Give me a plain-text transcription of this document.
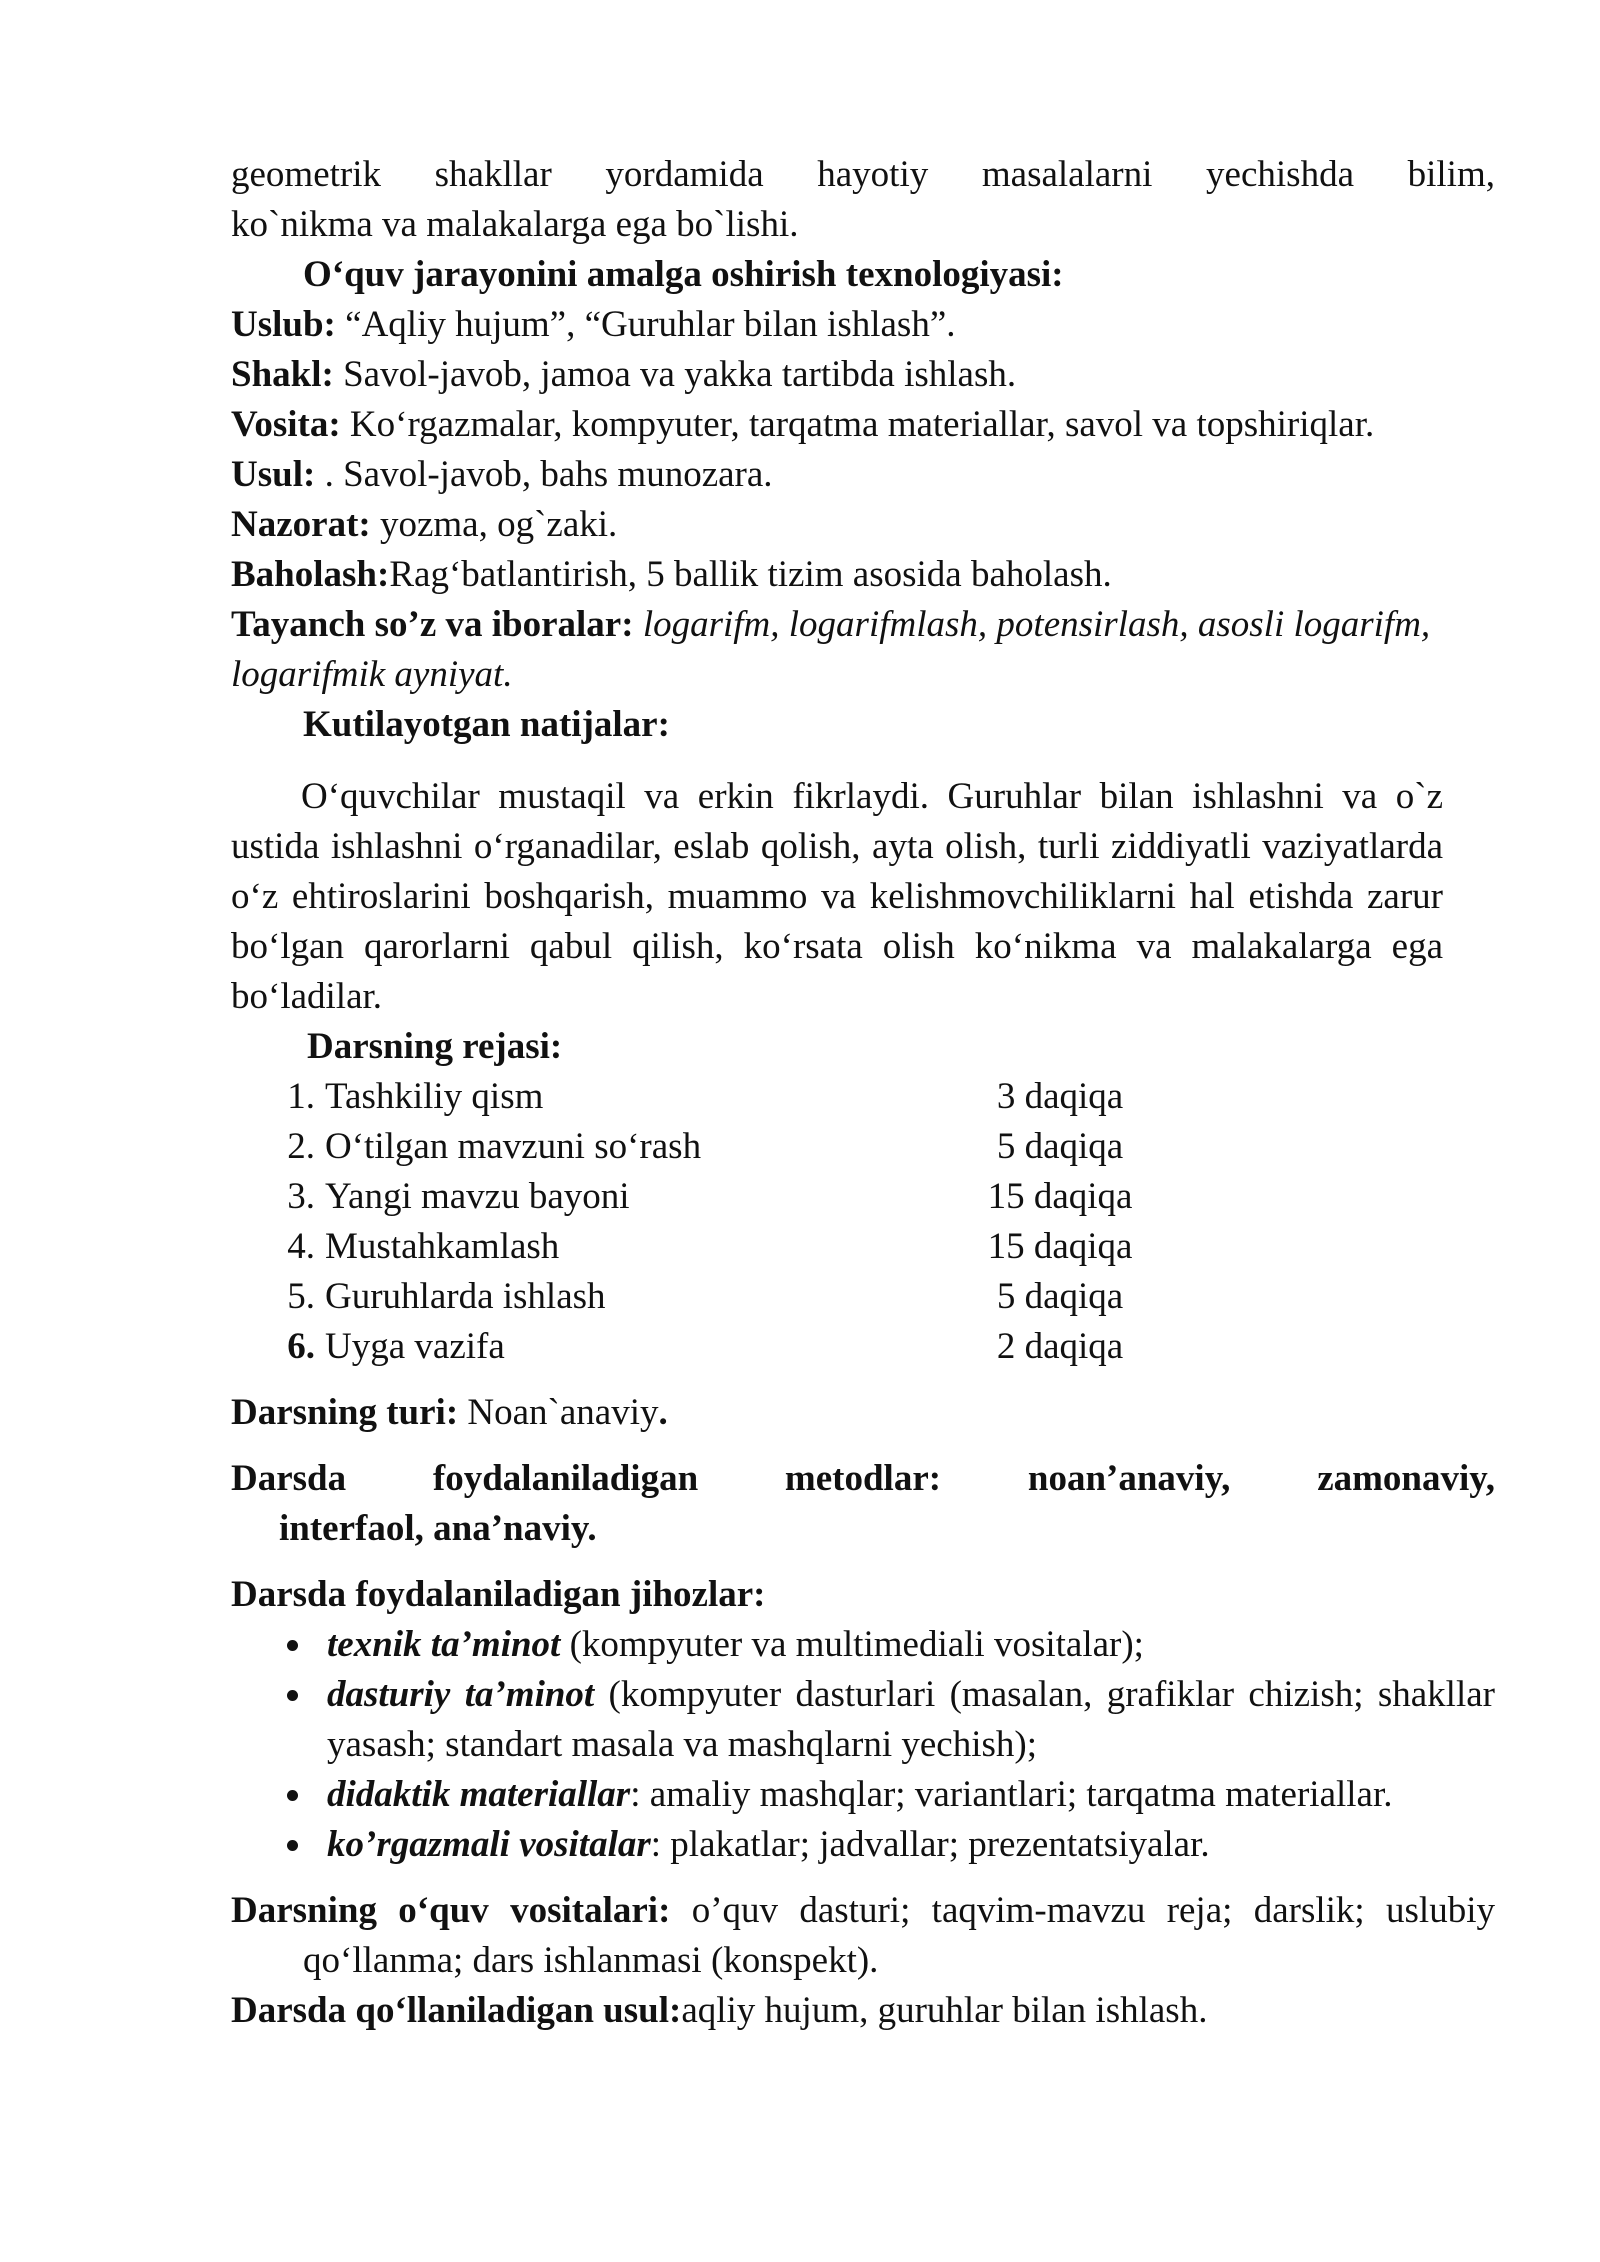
geometrik shakllar yordamida hayotiy masalalarni yechishda bilim,

ko`nikma va malakalarga ega bo`lishi.

O‘quv jarayonini amalga oshirish texnologiyasi:

Uslub: “Aqliy hujum”, “Guruhlar bilan ishlash”.

Shakl: Savol-javob, jamoa va yakka tartibda ishlash.

Vosita: Ko‘rgazmalar, kompyuter, tarqatma materiallar, savol va topshiriqlar.

Usul: . Savol-javob, bahs munozara.

Nazorat: yozma, og`zaki.

Baholash:Rag‘batlantirish, 5 ballik tizim asosida baholash.

Tayanch so’z va iboralar: logarifm, logarifmlash, potensirlash, asosli logarifm, logarifmik ayniyat.

Kutilayotgan natijalar:

O‘quvchilar mustaqil va erkin fikrlaydi. Guruhlar bilan ishlashni va o`z ustida ishlashni o‘rganadilar, eslab qolish, ayta olish, turli ziddiyatli vaziyatlarda o‘z ehtiroslarini boshqarish, muammo va kelishmovchiliklarni hal etishda zarur bo‘lgan qarorlarni qabul qilish, ko‘rsata olish ko‘nikma va malakalarga ega bo‘ladilar.

Darsning rejasi:

1. Tashkiliy qism	3 daqiqa
2. O‘tilgan mavzuni so‘rash	5 daqiqa
3. Yangi mavzu bayoni	15 daqiqa
4. Mustahkamlash	15 daqiqa
5. Guruhlarda ishlash	5 daqiqa
6. Uyga vazifa	2 daqiqa

Darsning turi: Noan`anaviy.

Darsda foydalaniladigan metodlar: noan’anaviy, zamonaviy,

interfaol, ana’naviy.

Darsda foydalaniladigan jihozlar:

texnik ta’minot (kompyuter va multimediali vositalar);
dasturiy ta’minot (kompyuter dasturlari (masalan, grafiklar chizish; shakllar yasash; standart masala va mashqlarni yechish);
didaktik materiallar: amaliy mashqlar; variantlari; tarqatma materiallar.
ko’rgazmali vositalar: plakatlar; jadvallar; prezentatsiyalar.

Darsning o‘quv vositalari: o’quv dasturi; taqvim-mavzu reja; darslik; uslubiy qo‘llanma; dars ishlanmasi (konspekt).

Darsda qo‘llaniladigan usul:aqliy hujum, guruhlar bilan ishlash.
